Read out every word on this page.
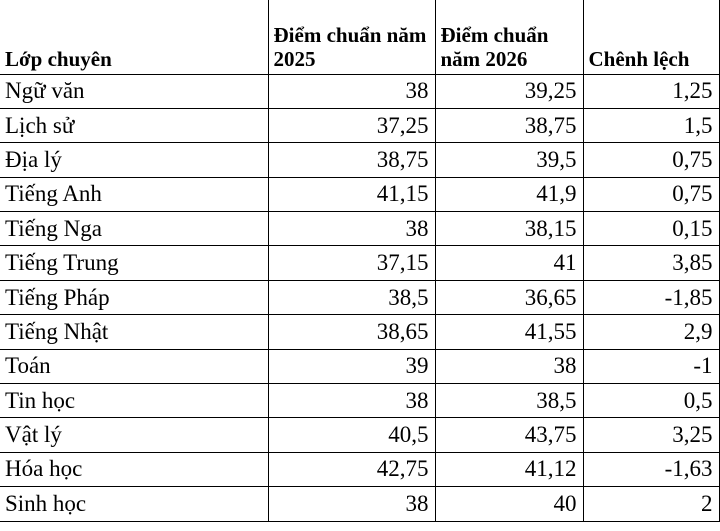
Lớp chuyên	Điểm chuẩn năm 2025	Điểm chuẩn năm 2026	Chênh lệch
Ngữ văn	38	39,25	1,25
Lịch sử	37,25	38,75	1,5
Địa lý	38,75	39,5	0,75
Tiếng Anh	41,15	41,9	0,75
Tiếng Nga	38	38,15	0,15
Tiếng Trung	37,15	41	3,85
Tiếng Pháp	38,5	36,65	-1,85
Tiếng Nhật	38,65	41,55	2,9
Toán	39	38	-1
Tin học	38	38,5	0,5
Vật lý	40,5	43,75	3,25
Hóa học	42,75	41,12	-1,63
Sinh học	38	40	2
